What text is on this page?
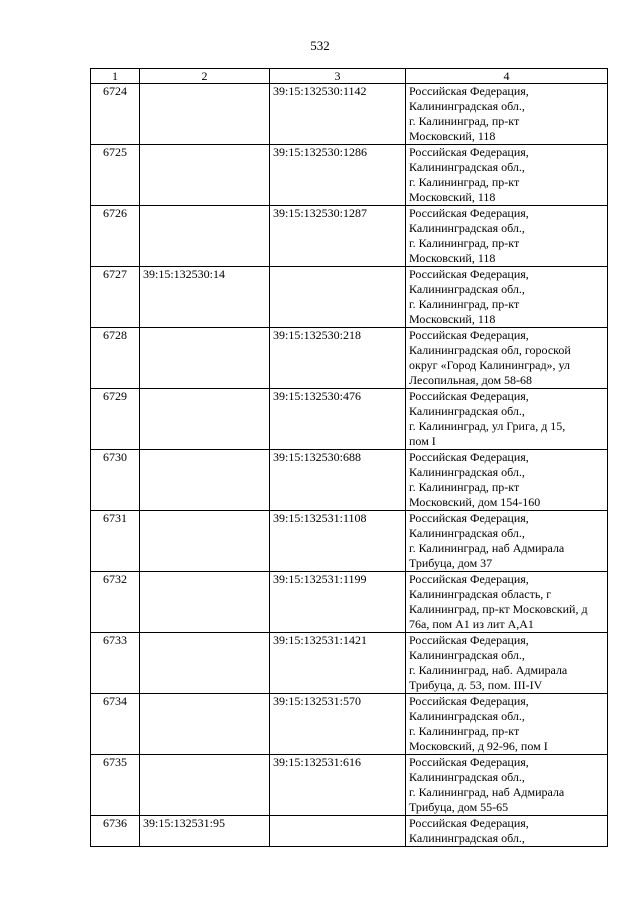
532
1	2	3	4
6724		39:15:132530:1142	Российская Федерация,
Калининградская обл.,
г. Калининград, пр-кт
Московский, 118

6725		39:15:132530:1286	Российская Федерация,
Калининградская обл.,
г. Калининград, пр-кт
Московский, 118

6726		39:15:132530:1287	Российская Федерация,
Калининградская обл.,
г. Калининград, пр-кт
Московский, 118

6727	39:15:132530:14		Российская Федерация,
Калининградская обл.,
г. Калининград, пр-кт
Московский, 118

6728		39:15:132530:218	Российская Федерация,
Калининградская обл, гороской
округ «Город Калининград», ул
Лесопильная, дом 58-68

6729		39:15:132530:476	Российская Федерация,
Калининградская обл.,
г. Калининград, ул Грига, д 15,
пом I

6730		39:15:132530:688	Российская Федерация,
Калининградская обл.,
г. Калининград, пр-кт
Московский, дом 154-160

6731		39:15:132531:1108	Российская Федерация,
Калининградская обл.,
г. Калининград, наб Адмирала
Трибуца, дом 37

6732		39:15:132531:1199	Российская Федерация,
Калининградская область, г
Калининград, пр-кт Московский, д
76а, пом А1 из лит А,А1

6733		39:15:132531:1421	Российская Федерация,
Калининградская обл.,
г. Калининград, наб. Адмирала
Трибуца, д. 53, пом. III-IV

6734		39:15:132531:570	Российская Федерация,
Калининградская обл.,
г. Калининград, пр-кт
Московский, д 92-96, пом I

6735		39:15:132531:616	Российская Федерация,
Калининградская обл.,
г. Калининград, наб Адмирала
Трибуца, дом 55-65

6736	39:15:132531:95		Российская Федерация,
Калининградская обл.,
